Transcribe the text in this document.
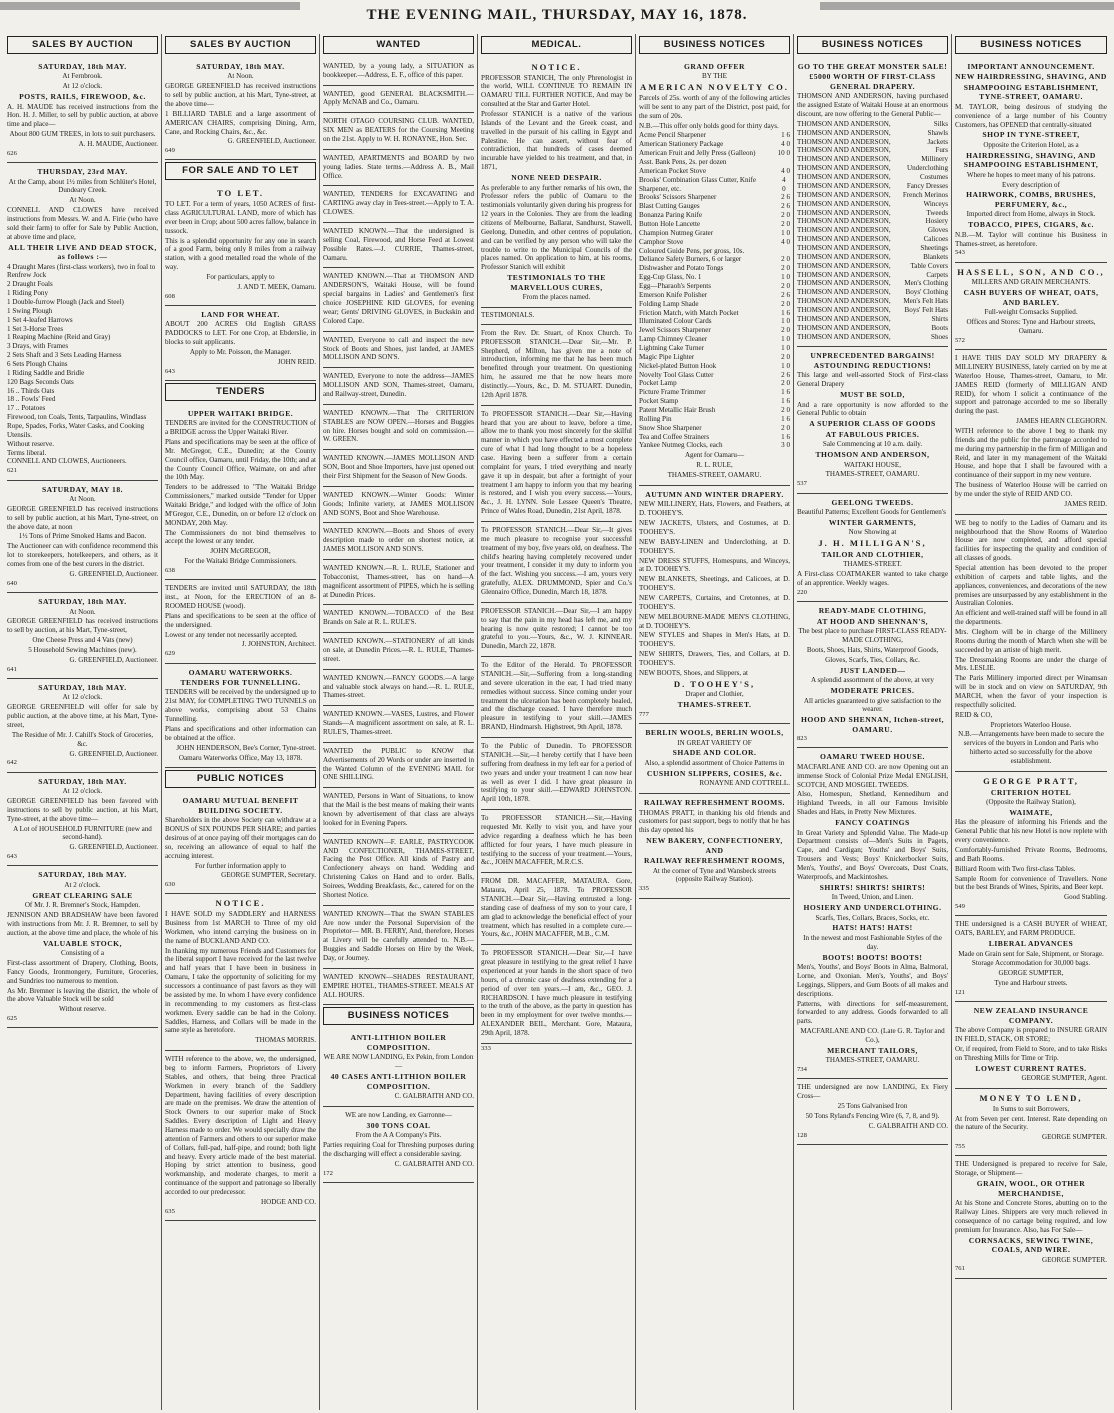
THE EVENING MAIL, THURSDAY, MAY 16, 1878.
SALES BY AUCTION
SATURDAY, 18th MAY.
At Fernbrook.
At 12 o'clock.
POSTS, RAILS, FIREWOOD, &c.

A. H. MAUDE has received instructions from the Hon. H. J. Miller, to sell by public auction, at above time and place—

About 800 GUM TREES, in lots to suit purchasers.
A. H. MAUDE, Auctioneer.
626
THURSDAY, 23rd MAY.
At the Camp, about 1½ miles from Schlüter's Hotel, Dundeary Creek.
At Noon.

CONNELL AND CLOWES have received instructions from Messrs. W. and A. Firie (who have sold their farm) to offer for Sale by Public Auction, at above time and place,

ALL THEIR LIVE AND DEAD STOCK, as follows :—
4 Draught Mares (first-class workers), two in foal to Renfrew Jock
2 Draught Foals
1 Riding Pony
1 Double-furrow Plough (Jack and Steel)
1 Swing Plough
1 Set 4-leafed Harrows
1 Set 3-Horse Trees
1 Reaping Machine (Reid and Gray)
3 Drays, with Frames
2 Sets Shaft and 3 Sets Leading Harness
6 Sets Plough Chains
1 Riding Saddle and Bridle
120 Bags Seconds Oats
16 .. Thirds Oats
18 .. Fowls' Feed
17 .. Potatoes
Firewood, ton Coals, Tents, Tarpaulins, Windlass Rope, Spades, Forks, Water Casks, and Cooking Utensils.
Without reserve.
Terms liberal.
CONNELL AND CLOWES, Auctioneers.
621
SATURDAY, MAY 18.
At Noon.

GEORGE GREENFIELD has received instructions to sell by public auction, at his Mart, Tyne-street, on the above date, at noon

1½ Tons of Prime Smoked Hams and Bacon.

The Auctioneer can with confidence recommend this lot to storekeepers, hotelkeepers, and others, as it comes from one of the best curers in the district.

G. GREENFIELD, Auctioneer.
640
SATURDAY, 18th MAY.
At Noon.

GEORGE GREENFIELD has received instructions to sell by auction, at his Mart, Tyne-street,

One Cheese Press and 4 Vats (new)
5 Household Sewing Machines (new).
G. GREENFIELD, Auctioneer.
641
SATURDAY, 18th MAY.
At 12 o'clock.

GEORGE GREENFIELD will offer for sale by public auction, at the above time, at his Mart, Tyne-street,

The Residue of Mr. J. Cahill's Stock of Groceries, &c.
G. GREENFIELD, Auctioneer.
642
SATURDAY, 18th MAY.
At 12 o'clock.

GEORGE GREENFIELD has been favored with instructions to sell by public auction, at his Mart, Tyne-street, at the above time—

A Lot of HOUSEHOLD FURNITURE (new and second-hand).
G. GREENFIELD, Auctioneer.
643
SATURDAY, 18th MAY.
At 2 o'clock.
GREAT CLEARING SALE
Of Mr. J. R. Bremner's Stock, Hampden.

JENNISON AND BRADSHAW have been favored with instructions from Mr. J. R. Bremner, to sell by auction, at the above time and place, the whole of his

VALUABLE STOCK,
Consisting of a

First-class assortment of Drapery, Clothing, Boots, Fancy Goods, Ironmongery, Furniture, Groceries, and Sundries too numerous to mention.

As Mr. Bremner is leaving the district, the whole of the above Valuable Stock will be sold

Without reserve.
625
SALES BY AUCTION
SATURDAY, 18th MAY.
At Noon.

GEORGE GREENFIELD has received instructions to sell by public auction, at his Mart, Tyne-street, at the above time—

1 BILLIARD TABLE and a large assortment of AMERICAN CHAIRS, comprising Dining, Arm, Cane, and Rocking Chairs, &c., &c.

G. GREENFIELD, Auctioneer.
649
FOR SALE AND TO LET
TO LET.

TO LET. For a term of years, 1050 ACRES of first-class AGRICULTURAL LAND, more of which has ever been in Crop; about 500 acres fallow, balance in tussock.

This is a splendid opportunity for any one in search of a good Farm, being only 8 miles from a railway station, with a good metalled road the whole of the way.

For particulars, apply to
J. AND T. MEEK, Oamaru.
608
LAND FOR WHEAT.

ABOUT 200 ACRES Old English GRASS PADDOCKS to LET. For one Crop, at Ebderslie, in blocks to suit applicants.

Apply to Mr. Poisson, the Manager.
JOHN REID.
643
TENDERS
UPPER WAITAKI BRIDGE.

TENDERS are invited for the CONSTRUCTION of a BRIDGE across the Upper Waitaki River.

Plans and specifications may be seen at the office of Mr. McGregor, C.E., Dunedin; at the County Council office, Oamaru, until Friday, the 10th; and at the County Council Office, Waimate, on and after the 10th May.

Tenders to be addressed to "The Waitaki Bridge Commissioners," marked outside "Tender for Upper Waitaki Bridge," and lodged with the office of John M'Gregor, C.E., Dunedin, on or before 12 o'clock on MONDAY, 20th May.

The Commissioners do not bind themselves to accept the lowest or any tender.

JOHN McGREGOR,
For the Waitaki Bridge Commissioners.
638

TENDERS are invited until SATURDAY, the 18th inst., at Noon, for the ERECTION of an 8-ROOMED HOUSE (wood).

Plans and specifications to be seen at the office of the undersigned.

Lowest or any tender not necessarily accepted.

J. JOHNSTON, Architect.
629
OAMARU WATERWORKS.
TENDERS FOR TUNNELLING.

TENDERS will be received by the undersigned up to 21st MAY, for COMPLETING TWO TUNNELS on above works, comprising about 53 Chains Tunnelling.

Plans and specifications and other information can be obtained at the office.

JOHN HENDERSON, Bee's Corner, Tyne-street.
Oamaru Waterworks Office, May 13, 1878.
PUBLIC NOTICES
OAMARU MUTUAL BENEFIT BUILDING SOCIETY.

Shareholders in the above Society can withdraw at a BONUS of SIX POUNDS PER SHARE; and parties desirous of at once paying off their mortgages can do so, receiving an allowance of equal to half the accruing interest.

For further information apply to
GEORGE SUMPTER, Secretary.
630
NOTICE.

I HAVE SOLD my SADDLERY and HARNESS Business from 1st MARCH to Three of my old Workmen, who intend carrying the business on in the name of BUCKLAND AND CO.

In thanking my numerous Friends and Customers for the liberal support I have received for the last twelve and half years that I have been in business in Oamaru, I take the opportunity of soliciting for my successors a continuance of past favors as they will be assisted by me. In whom I have every confidence in recommending to my customers as first-class workmen. Every saddle can be had in the Colony. Saddles, Harness, and Collars will be made in the same style as heretofore.

THOMAS MORRIS.

WITH reference to the above, we, the undersigned, beg to inform Farmers, Proprietors of Livery Stables, and others, that being three Practical Workmen in every branch of the Saddlery Department, having facilities of every description are made on the premises. We draw the attention of Stock Owners to our superior make of Stock Saddles. Every description of Light and Heavy Harness made to order. We would specially draw the attention of Farmers and others to our superior make of Collars, full-pad, half-pipe, and round; both light and heavy. Every article made of the best material. Hoping by strict attention to business, good workmanship, and moderate charges, to merit a continuance of the support and patronage so liberally accorded to our predecessor.

HODGE AND CO.
635
WANTED

WANTED, by a young lady, a SITUATION as bookkeeper.—Address, E. F., office of this paper.

WANTED, good GENERAL BLACKSMITH.—Apply McNAB and Co., Oamaru.

NORTH OTAGO COURSING CLUB. WANTED, SIX MEN as BEATERS for the Coursing Meeting on the 21st. Apply to W. H. RONAYNE, Hon. Sec.

WANTED, APARTMENTS and BOARD by two young ladies. State terms.—Address A. B., Mail Office.

WANTED, TENDERS for EXCAVATING and CARTING away clay in Tees-street.—Apply to T. A. CLOWES.

WANTED KNOWN.—That the undersigned is selling Coal, Firewood, and Horse Feed at Lowest Possible Rates.—J. CURRIE, Thames-street, Oamaru.

WANTED KNOWN.—That at THOMSON AND ANDERSON'S, Waitaki House, will be found special bargains in Ladies' and Gentlemen's first choice JOSEPHINE KID GLOVES, for evening wear; Gents' DRIVING GLOVES, in Buckskin and Colored Cape.

WANTED, Everyone to call and inspect the new Stock of Boots and Shoes, just landed, at JAMES MOLLISON AND SON'S.

WANTED, Everyone to note the address—JAMES MOLLISON AND SON, Thames-street, Oamaru, and Railway-street, Dunedin.

WANTED KNOWN.—That The CRITERION STABLES are NOW OPEN.—Horses and Buggies on hire. Horses bought and sold on commission.—W. GREEN.

WANTED KNOWN.—JAMES MOLLISON AND SON, Boot and Shoe Importers, have just opened out their First Shipment for the Season of New Goods.

WANTED KNOWN.—Winter Goods: Winter Goods; Infinite variety, at JAMES MOLLISON AND SON'S, Boot and Shoe Warehouse.

WANTED KNOWN.—Boots and Shoes of every description made to order on shortest notice, at JAMES MOLLISON AND SON'S.

WANTED KNOWN.—R. L. RULE, Stationer and Tobacconist, Thames-street, has on hand—A magnificent assortment of PIPES, which he is selling at Dunedin Prices.

WANTED KNOWN.—TOBACCO of the Best Brands on Sale at R. L. RULE'S.

WANTED KNOWN.—STATIONERY of all kinds on sale, at Dunedin Prices.—R. L. RULE, Thames-street.

WANTED KNOWN.—FANCY GOODS.—A large and valuable stock always on hand.—R. L. RULE, Thames-street.

WANTED KNOWN.—VASES, Lustres, and Flower Stands—A magnificent assortment on sale, at R. L. RULE'S, Thames-street.

WANTED the PUBLIC to KNOW that Advertisements of 20 Words or under are inserted in the Wanted Column of the EVENING MAIL for ONE SHILLING.

WANTED, Persons in Want of Situations, to know that the Mail is the best means of making their wants known by advertisement of that class are always looked for in Evening Papers.

WANTED KNOWN—F. EARLE, PASTRYCOOK AND CONFECTIONER, THAMES-STREET, Facing the Post Office. All kinds of Pastry and Confectionery always on hand. Wedding and Christening Cakes on Hand and to order. Balls, Soirees, Wedding Breakfasts, &c., catered for on the Shortest Notice.

WANTED KNOWN—That the SWAN STABLES Are now under the Personal Supervision of the Proprietor— MR. B. FERRY, And, therefore, Horses at Livery will be carefully attended to. N.B.—Buggies and Saddle Horses on Hire by the Week, Day, or Journey.

WANTED KNOWN—SHADES RESTAURANT, EMPIRE HOTEL, THAMES-STREET. MEALS AT ALL HOURS.

BUSINESS NOTICES
ANTI-LITHION BOILER COMPOSITION.
WE ARE NOW LANDING, Ex Pekin, from London—
40 CASES ANTI-LITHION BOILER COMPOSITION.
C. GALBRAITH AND CO.
WE are now Landing, ex Garronne—
300 TONS COAL
From the A A Company's Pits.

Parties requiring Coal for Threshing purposes during the discharging will effect a considerable saving.

C. GALBRAITH AND CO.
172
MEDICAL.
NOTICE.

PROFESSOR STANICH, The only Phrenologist in the world, WILL CONTINUE TO REMAIN IN OAMARU TILL FURTHER NOTICE, And may be consulted at the Star and Garter Hotel.

Professor STANICH is a native of the various Islands of the Levant and the Greek coast, and travelled in the pursuit of his calling in Egypt and Palestine. He can assert, without fear of contradiction, that hundreds of cases deemed incurable have yielded to his treatment, and that, in 1871,

NONE NEED DESPAIR.

As preferable to any further remarks of his own, the Professor refers the public of Oamaru to the testimonials voluntarily given during his progress for 12 years in the Colonies. They are from the leading citizens of Melbourne, Ballarat, Sandhurst, Stawell, Geelong, Dunedin, and other centres of population, and can be verified by any person who will take the trouble to write to the Municipal Councils of the places named. On application to him, at his rooms, Professor Stanich will exhibit

TESTIMONIALS TO THE MARVELLOUS CURES,
From the places named.
TESTIMONIALS.

From the Rev. Dr. Stuart, of Knox Church. To PROFESSOR STANICH.—Dear Sir,—Mr. P. Shepherd, of Milton, has given me a note of introduction, informing me that he has been much benefited through your treatment. On questioning him, he assured me that he now hears more distinctly.—Yours, &c., D. M. STUART. Dunedin, 12th April 1878.

To PROFESSOR STANICH.—Dear Sir,—Having heard that you are about to leave, before a time, allow me to thank you most sincerely for the skilful manner in which you have effected a most complete cure of what I had long thought to be a hopeless case. Having been a sufferer from a certain complaint for years, I tried everything and nearly gave it up in despair, but after a fortnight of your treatment I am happy to inform you that my hearing is restored, and I wish you every success.—Yours, &c., J. H. LYNN. Sole Lessee Queen's Theatre, Prince of Wales Road, Dunedin, 21st April, 1878.

To PROFESSOR STANICH.—Dear Sir,—It gives me much pleasure to recognise your successful treatment of my boy, five years old, on deafness. The child's hearing having completely recovered under your treatment, I consider it my duty to inform you of the fact. Wishing you success.—I am, yours very gratefully, ALEX. DRUMMOND, Spier and Co.'s Glennairo Office, Dunedin, March 18, 1878.

PROFESSOR STANICH.—Dear Sir,—I am happy to say that the pain in my head has left me, and my hearing is now quite restored; I cannot be too grateful to you.—Yours, &c., W. J. KINNEAR. Dunedin, March 22, 1878.

To the Editor of the Herald. To PROFESSOR STANICH.—Sir,—Suffering from a long-standing and severe ulceration in the ear, I had tried many remedies without success. Since coming under your treatment the ulceration has been completely healed, and the discharge ceased. I have therefore much pleasure in testifying to your skill.—JAMES BRAND, Hindmarsh. Highstreet, 9th April, 1878.

To the Public of Dunedin. To PROFESSOR STANICH.—Sir,—I hereby certify that I have been suffering from deafness in my left ear for a period of two years and under your treatment I can now hear as well as ever I did. I have great pleasure in testifying to your skill.—EDWARD JOHNSTON. April 10th, 1878.

To PROFESSOR STANICH.—Sir,—Having requested Mr. Kelly to visit you, and have your advice regarding a deafness which he has been afflicted for four years, I have much pleasure in testifying to the success of your treatment.—Yours, &c., JOHN MACAFFER, M.R.C.S.

FROM DR. MACAFFER, MATAURA. Gore, Mataura, April 25, 1878. To PROFESSOR STANICH.—Dear Sir,—Having entrusted a long-standing case of deafness of my son to your care, I am glad to acknowledge the beneficial effect of your treatment, which has resulted in a complete cure.—Yours, &c., JOHN MACAFFER, M.B., C.M.

To PROFESSOR STANICH.—Dear Sir,—I have great pleasure in testifying to the great relief I have experienced at your hands in the short space of two hours, of a chronic case of deafness extending for a period of over ten years.—I am, &c., GEO. J. RICHARDSON. I have much pleasure in testifying to the truth of the above, as the party in question has been in my employment for over twelve months.—ALEXANDER BEIL, Merchant. Gore, Mataura, 29th April, 1878.

333
BUSINESS NOTICES
GRAND OFFER
BY THE
AMERICAN NOVELTY CO.

Parcels of 25s. worth of any of the following articles will be sent to any part of the District, post paid, for the sum of 20s.

N.B.—This offer only holds good for thirty days.

Acme Pencil Sharpener	1 6
American Stationery Package	4 0
American Fruit and Jelly Press (Galleon)	10 0
Asst. Bank Pens, 2s. per dozen
American Pocket Stove	4 0
Brooks' Combination Glass Cutter, Knife Sharpener, etc.
4 0
Brooks' Scissors Sharpener	2 6
Blast Cutting Gauges	2 6
Bonanza Paring Knife	2 0
Button Hole Lancette	2 0
Champion Nutmeg Grater	1 0
Camphor Stove	4 0
Coloured Guide Pens, per gross, 10s.
Deliance Safety Burners, 6 or larger	2 0
Dishwasher and Potato Tongs	2 0
Egg-Cup Glass, No. 1	1 0
Egg—Pharaoh's Serpents	2 0
Emerson Knife Polisher	2 6
Folding Lamp Shade	2 0
Friction Match, with Match Pocket	1 6
Illuminated Colour Cards	1 0
Jewel Scissors Sharpener	2 0
Lamp Chimney Cleaner	1 0
Lightning Cake Turner	1 0
Magic Pipe Lighter	2 0
Nickel-plated Button Hook	1 0
Novelty Tool Glass Cutter	2 6
Pocket Lamp	2 0
Picture Frame Trimmer	1 6
Pocket Stamp	1 6
Patent Metallic Hair Brush	2 0
Rolling Pin	1 6
Snow Shoe Sharpener	2 0
Tea and Coffee Strainers	1 6
Yankee Nutmeg Clocks, each	3 0
Agent for Oamaru—
R. L. RULE,
THAMES-STREET, OAMARU.
AUTUMN AND WINTER DRAPERY.

NEW MILLINERY, Hats, Flowers, and Feathers, at D. TOOHEY'S.

NEW JACKETS, Ulsters, and Costumes, at D. TOOHEY'S.

NEW BABY-LINEN and Underclothing, at D. TOOHEY'S.

NEW DRESS STUFFS, Homespuns, and Winceys, at D. TOOHEY'S.

NEW BLANKETS, Sheetings, and Calicoes, at D. TOOHEY'S.

NEW CARPETS, Curtains, and Cretonnes, at D. TOOHEY'S.

NEW MELBOURNE-MADE MEN'S CLOTHING, at D. TOOHEY'S.

NEW STYLES and Shapes in Men's Hats, at D. TOOHEY'S.

NEW SHIRTS, Drawers, Ties, and Collars, at D. TOOHEY'S.

NEW BOOTS, Shoes, and Slippers, at

D. TOOHEY'S,
Draper and Clothier,
THAMES-STREET.
777
BERLIN WOOLS, BERLIN WOOLS,
IN GREAT VARIETY OF
SHADE AND COLOR.
Also, a splendid assortment of Choice Patterns in
CUSHION SLIPPERS, COSIES, &c.
RONAYNE AND COTTRELL.
RAILWAY REFRESHMENT ROOMS.

THOMAS PRATT, in thanking his old friends and customers for past support, begs to notify that he has this day opened his

NEW BAKERY, CONFECTIONERY, AND
RAILWAY REFRESHMENT ROOMS,
At the corner of Tyne and Wansbeck streets (opposite Railway Station).
335
BUSINESS NOTICES
GO TO THE GREAT MONSTER SALE!
£5000 WORTH OF FIRST-CLASS GENERAL DRAPERY.

THOMSON AND ANDERSON, having purchased the assigned Estate of Waitaki House at an enormous discount, are now offering to the General Public—

THOMSON AND ANDERSON,	Silks
THOMSON AND ANDERSON,	Shawls
THOMSON AND ANDERSON,	Jackets
THOMSON AND ANDERSON,	Furs
THOMSON AND ANDERSON,	Millinery
THOMSON AND ANDERSON, Underclothing
THOMSON AND ANDERSON,	Costumes
THOMSON AND ANDERSON, Fancy Dresses
THOMSON AND ANDERSON, French Merinos
THOMSON AND ANDERSON,	Winceys
THOMSON AND ANDERSON,	Tweeds
THOMSON AND ANDERSON,	Hosiery
THOMSON AND ANDERSON,	Gloves
THOMSON AND ANDERSON,	Calicoes
THOMSON AND ANDERSON,	Sheetings
THOMSON AND ANDERSON,	Blankets
THOMSON AND ANDERSON,	Table Covers
THOMSON AND ANDERSON,	Carpets
THOMSON AND ANDERSON, Men's Clothing
THOMSON AND ANDERSON, Boys' Clothing
THOMSON AND ANDERSON, Men's Felt Hats
THOMSON AND ANDERSON, Boys' Felt Hats
THOMSON AND ANDERSON,	Shirts
THOMSON AND ANDERSON,	Boots
THOMSON AND ANDERSON,	Shoes
UNPRECEDENTED BARGAINS! ASTOUNDING REDUCTIONS!

This large and well-assorted Stock of First-class General Drapery

MUST BE SOLD,

And a rare opportunity is now afforded to the General Public to obtain

A SUPERIOR CLASS OF GOODS
AT FABULOUS PRICES.
Sale Commencing at 10 a.m. daily.
THOMSON AND ANDERSON,
WAITAKI HOUSE,
THAMES-STREET, OAMARU.
537
GEELONG TWEEDS.

Beautiful Patterns; Excellent Goods for Gentlemen's

WINTER GARMENTS,
Now Showing at
J. H. MILLIGAN'S,
TAILOR AND CLOTHIER,
THAMES-STREET.

A First-class COATMAKER wanted to take charge of an apprentice. Weekly wages.

220
READY-MADE CLOTHING,
AT HOOD AND SHENNAN'S,
The best place to purchase FIRST-CLASS READY-MADE CLOTHING,
Boots, Shoes, Hats, Shirts, Waterproof Goods,
Gloves, Scarfs, Ties, Collars, &c.
JUST LANDED—
A splendid assortment of the above, at very
MODERATE PRICES.
All articles guaranteed to give satisfaction to the wearer.
HOOD AND SHENNAN, Itchen-street, OAMARU.
823
OAMARU TWEED HOUSE.

MACFARLANE AND CO. are now Opening out an immense Stock of Colonial Prize Medal ENGLISH, SCOTCH, AND MOSGIEL TWEEDS.

Also, Homespun, Shetland, Kennedihurn and Highland Tweeds, in all our Famous Invisible Shades and Hats, in Pretty New Mixtures.

FANCY COATINGS

In Great Variety and Splendid Value. The Made-up Department consists of—Men's Suits in Pagets, Cape, and Cardigan; Youths' and Boys' Suits, Trousers and Vests; Boys' Knickerbocker Suits, Men's, Youths', and Boys' Overcoats, Dust Coats, Waterproofs, and Mackintoshes.

SHIRTS! SHIRTS! SHIRTS!
In Tweed, Union, and Linen.
HOSIERY AND UNDERCLOTHING.
Scarfs, Ties, Collars, Braces, Socks, etc.
HATS! HATS! HATS!
In the newest and most Fashionable Styles of the day.
BOOTS! BOOTS! BOOTS!

Men's, Youths', and Boys' Boots in Alma, Balmoral, Lorne, and Oxonian. Men's, Youths', and Boys' Leggings, Slippers, and Gum Boots of all makes and descriptions.

Patterns, with directions for self-measurement, forwarded to any address. Goods forwarded to all parts.

MACFARLANE AND CO. (Late G. R. Taylor and Co.),
MERCHANT TAILORS,
THAMES-STREET, OAMARU.
734

THE undersigned are now LANDING, Ex Fiery Cross—

25 Tons Galvanised Iron
50 Tons Ryland's Fencing Wire (6, 7, 8, and 9).
C. GALBRAITH AND CO.
128
BUSINESS NOTICES
IMPORTANT ANNOUNCEMENT.
NEW HAIRDRESSING, SHAVING, AND
SHAMPOOING ESTABLISHMENT, TYNE-STREET, OAMARU.

M. TAYLOR, being desirous of studying the convenience of a large number of his Country Customers, has OPENED that centrally-situated

SHOP IN TYNE-STREET,
Opposite the Criterion Hotel, as a
HAIRDRESSING, SHAVING, AND SHAMPOOING ESTABLISHMENT,
Where he hopes to meet many of his patrons.
Every description of
HAIRWORK, COMBS, BRUSHES, PERFUMERY, &c.,
Imported direct from Home, always in Stock.
TOBACCO, PIPES, CIGARS, &c.

N.B.—M. Taylor will continue his Business in Thames-street, as heretofore.

543
HASSELL, SON, AND CO.,
MILLERS AND GRAIN MERCHANTS.
CASH BUYERS OF WHEAT, OATS, AND BARLEY.
Full-weight Cornsacks Supplied.
Offices and Stores: Tyne and Harbour streets, Oamaru.
572

I HAVE THIS DAY SOLD MY DRAPERY & MILLINERY BUSINESS, lately carried on by me at Waterloo House, Thames-street, Oamaru, to Mr. JAMES REID (formerly of MILLIGAN AND REID), for whom I solicit a continuance of the support and patronage accorded to me so liberally during the past.

JAMES HEARN CLEGHORN.

WITH reference to the above I beg to thank my friends and the public for the patronage accorded to me during my partnership in the firm of Milligan and Reid, and later in my management of the Waitaki House, and hope that I shall be favoured with a continuance of their support in my new venture.

The business of Waterloo House will be carried on by me under the style of REID AND CO.

JAMES REID.

WE beg to notify to the Ladies of Oamaru and its neighbourhood that the Show Rooms of Waterloo House are now completed, and afford special facilities for inspecting the quality and condition of all classes of goods.

Special attention has been devoted to the proper exhibition of carpets and table lights, and the appliances, conveniences, and decorations of the new premises are unsurpassed by any establishment in the Australian Colonies.

An efficient and well-trained staff will be found in all the departments.

Mrs. Cleghorn will be in charge of the Millinery Rooms during the month of March when she will be succeeded by an artiste of high merit.

The Dressmaking Rooms are under the charge of Mrs. LESLIE.

The Paris Millinery imported direct per Winamsan will be in stock and on view on SATURDAY, 9th MARCH, when the favor of your inspection is respectfully solicited.

REID & CO,

Proprietors Waterloo House.
N.B.—Arrangements have been made to secure the services of the buyers in London and Paris who hitherto acted so successfully for the above establishment.
GEORGE PRATT,
CRITERION HOTEL
(Opposite the Railway Station),
WAIMATE,

Has the pleasure of informing his Friends and the General Public that his new Hotel is now replete with every convenience.

Comfortably-furnished Private Rooms, Bedrooms, and Bath Rooms.

Billiard Room with Two first-class Tables.

Sample Room for convenience of Travellers. None but the best Brands of Wines, Spirits, and Beer kept.

Good Stabling.
549

THE undersigned is a CASH BUYER of WHEAT, OATS, BARLEY, and FARM PRODUCE.

LIBERAL ADVANCES
Made on Grain sent for Sale, Shipment, or Storage.
Storage Accommodation for 30,000 bags.
GEORGE SUMPTER,
Tyne and Harbour streets.
121
NEW ZEALAND INSURANCE COMPANY.

The above Company is prepared to INSURE GRAIN IN FIELD, STACK, OR STORE;

Or, if required, from Field to Store, and to take Risks on Threshing Mills for Time or Trip.

LOWEST CURRENT RATES.
GEORGE SUMPTER, Agent.
MONEY TO LEND,
In Sums to suit Borrowers,

At from Seven per cent. Interest. Rate depending on the nature of the Security.

GEORGE SUMPTER.
755

THE Undersigned is prepared to receive for Sale, Storage, or Shipment—

GRAIN, WOOL, OR OTHER MERCHANDISE,

At his Stone and Concrete Stores, abutting on to the Railway Lines. Shippers are very much relieved in consequence of no cartage being required, and low premium for Insurance. Also, has For Sale—

CORNSACKS, SEWING TWINE, COALS, AND WIRE.
GEORGE SUMPTER.
761
